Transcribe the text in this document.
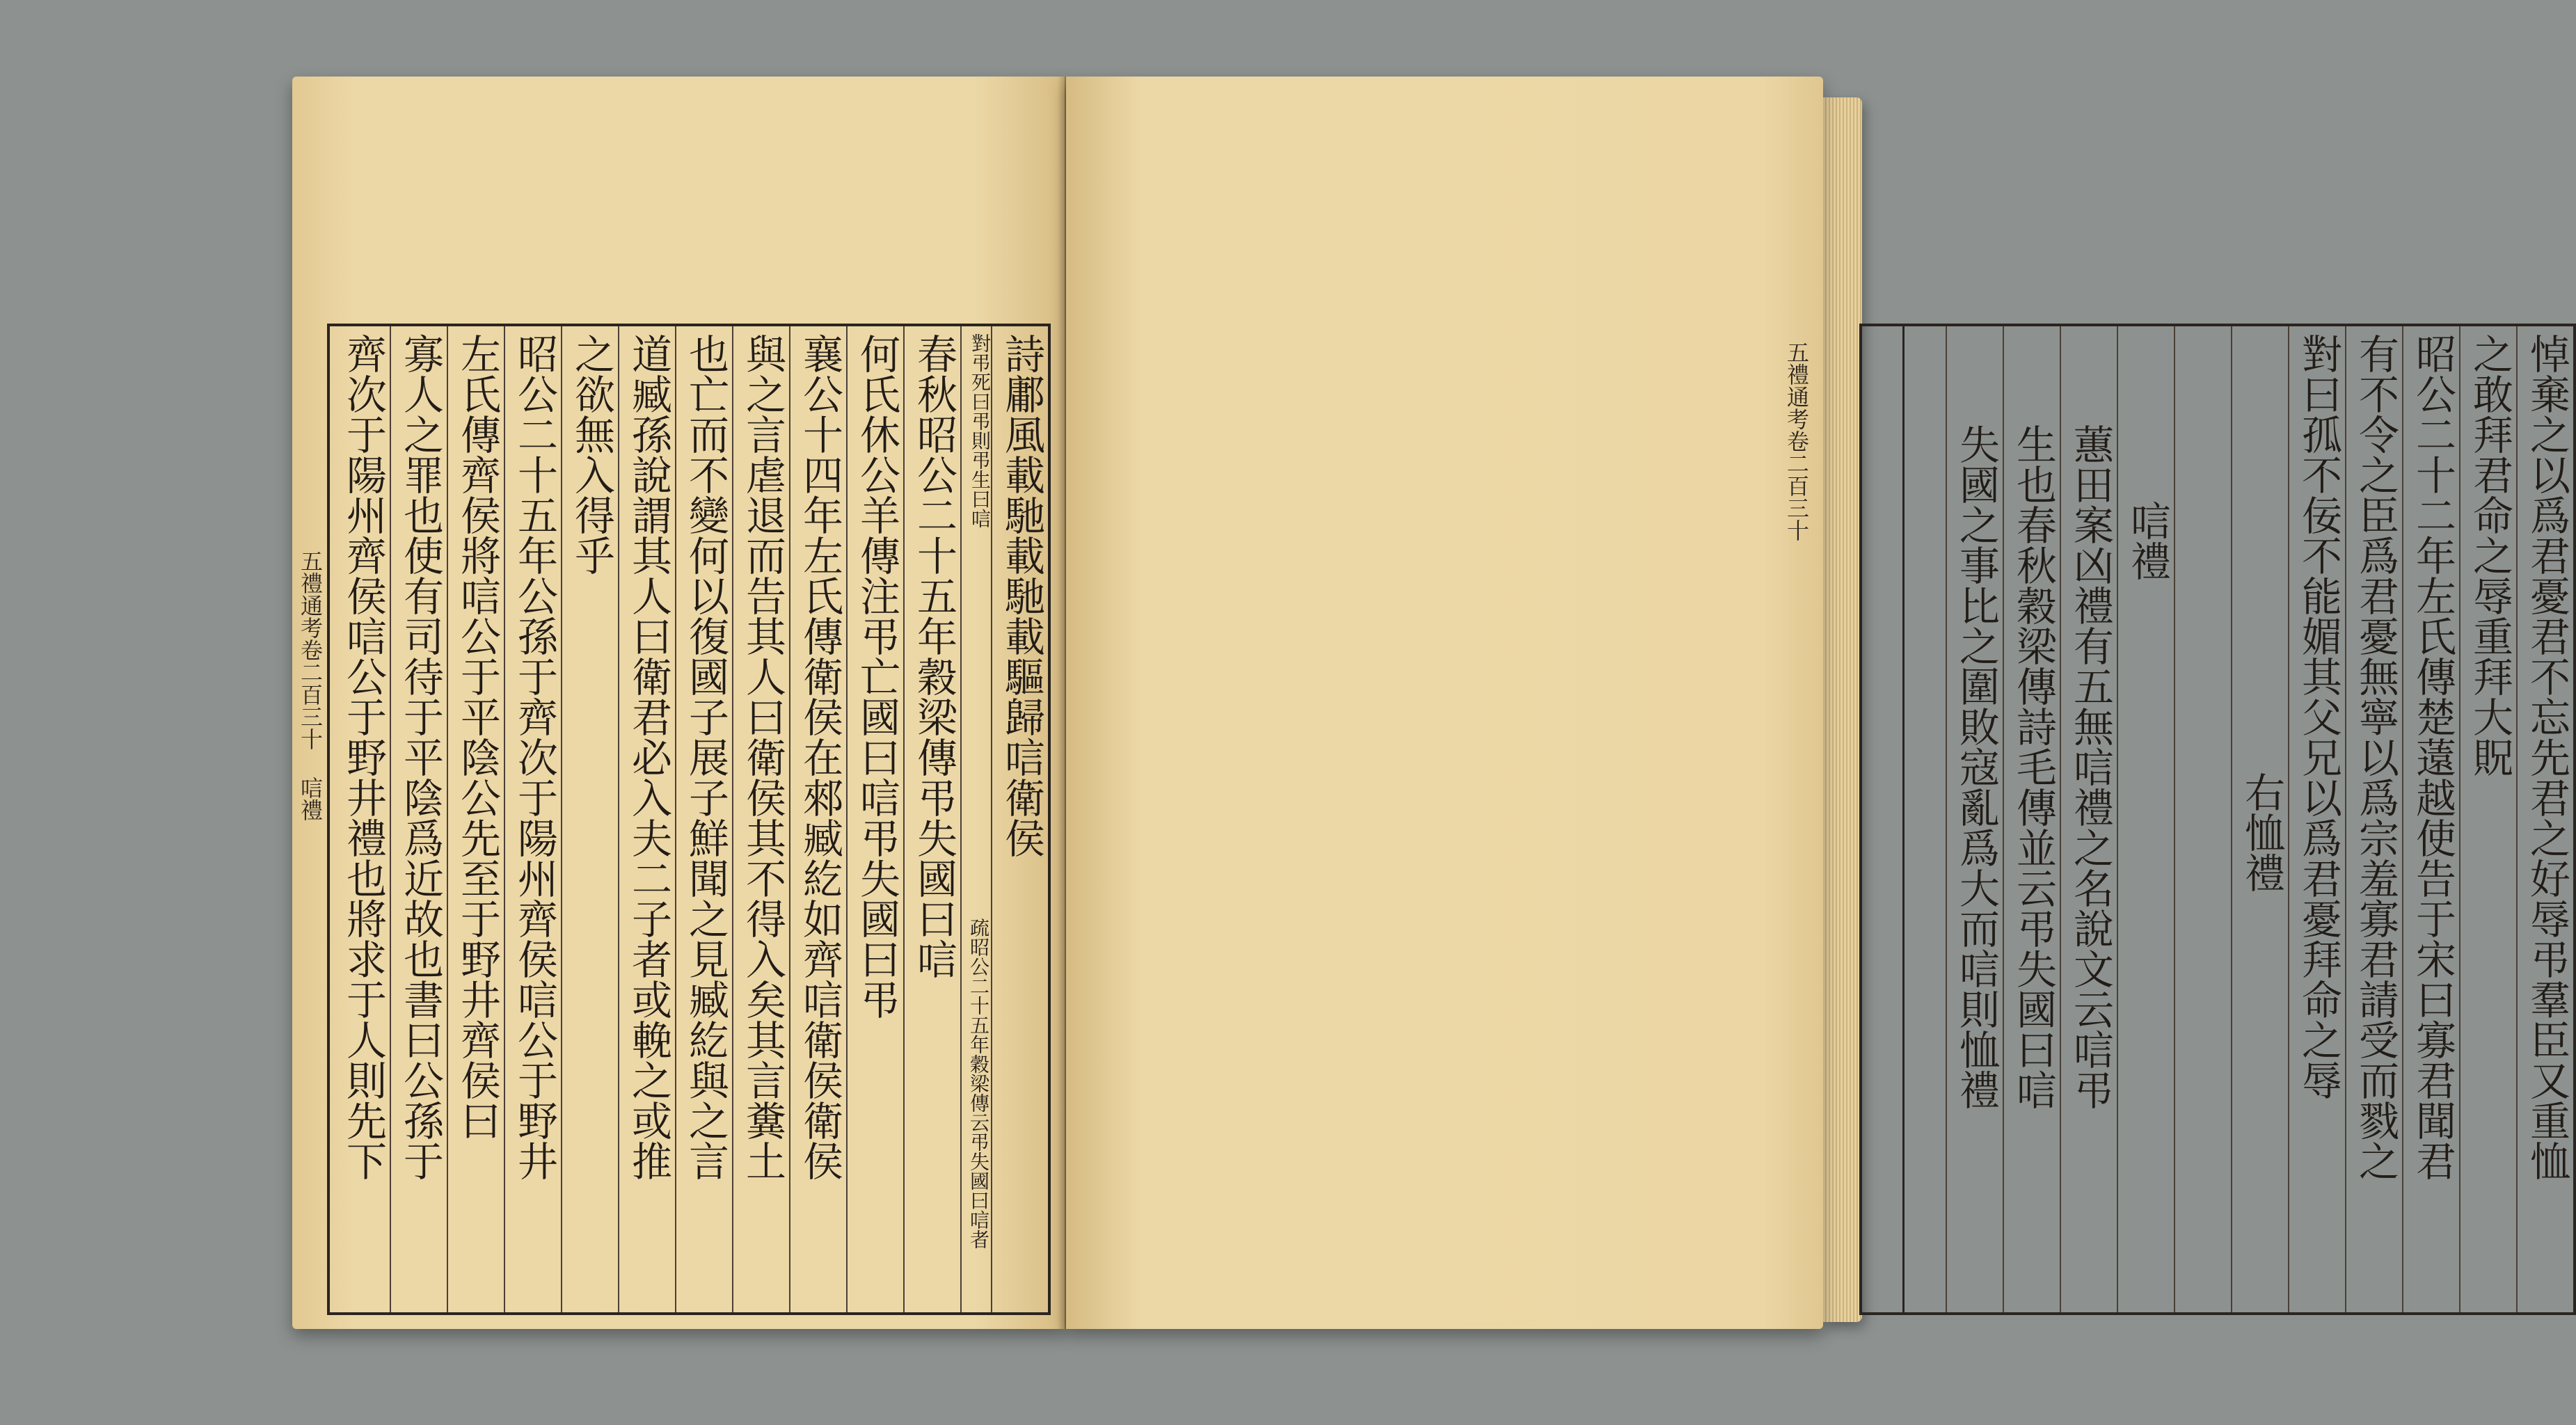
詩鄘風載馳載馳載驅歸唁衛侯
對弔死曰弔則弔生曰唁
春秋昭公二十五年穀梁傳弔失國曰唁
何氏休公羊傳注弔亡國曰唁弔失國曰弔
襄公十四年左氏傳衛侯在郲臧紇如齊唁衛侯衛侯
與之言虐退而告其人曰衛侯其不得入矣其言糞土
也亡而不變何以復國子展子鮮聞之見臧紇與之言
道臧孫說謂其人曰衛君必入夫二子者或輓之或推
之欲無入得乎
昭公二十五年公孫于齊次于陽州齊侯唁公于野井
左氏傳齊侯將唁公于平陰公先至于野井齊侯曰
寡人之罪也使有司待于平陰爲近故也書曰公孫于
齊次于陽州齊侯唁公于野井禮也將求于人則先下	疏昭公二十五年穀梁傳云弔失國曰唁者
五禮通考卷二百三十 唁禮	悼棄之以爲君憂君不忘先君之好辱弔羣臣又重恤
之敢拜君命之辱重拜大貺
昭公二十二年左氏傳楚薳越使告于宋曰寡君聞君
有不令之臣爲君憂無寧以爲宗羞寡君請受而戮之
對曰孤不佞不能媚其父兄以爲君憂拜命之辱
右恤禮
唁禮
蕙田案凶禮有五無唁禮之名說文云唁弔
生也春秋穀梁傳詩毛傳並云弔失國曰唁
失國之事比之圍敗寇亂爲大而唁則恤禮
五禮通考卷二百三十
